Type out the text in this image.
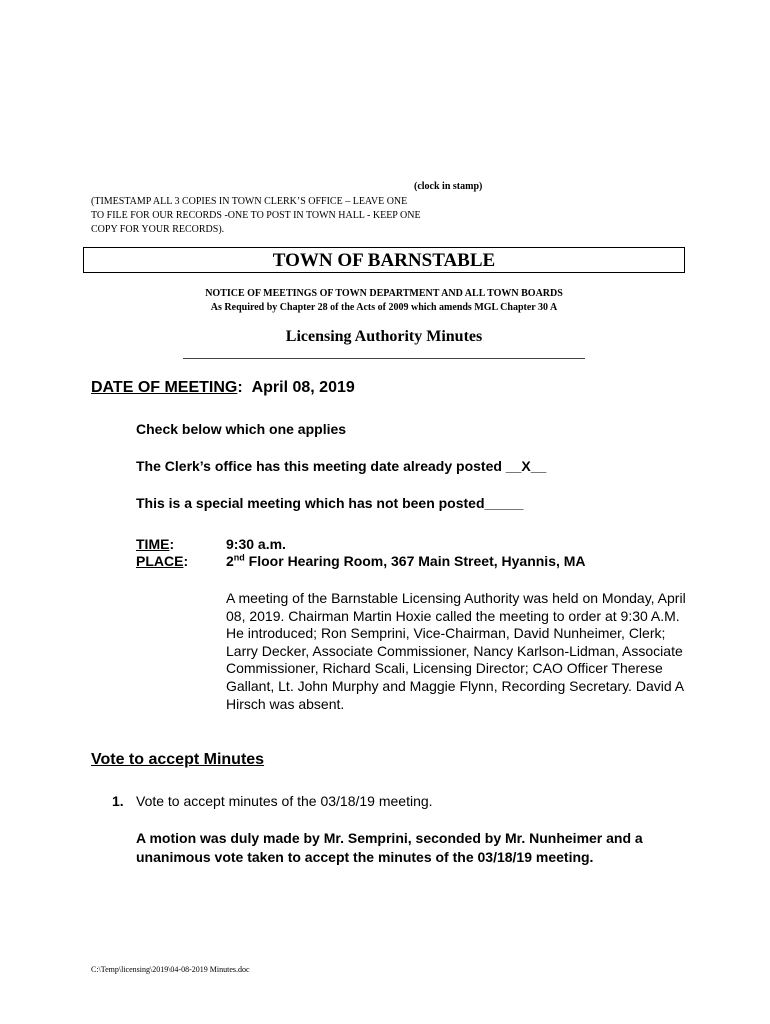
(clock in stamp)
(TIMESTAMP ALL 3 COPIES IN TOWN CLERK’S OFFICE – LEAVE ONE TO FILE FOR OUR RECORDS -ONE TO POST IN TOWN HALL - KEEP ONE COPY FOR YOUR RECORDS).
TOWN OF BARNSTABLE
NOTICE OF MEETINGS OF TOWN DEPARTMENT AND ALL TOWN BOARDS
As Required by Chapter 28 of the Acts of 2009 which amends MGL Chapter 30 A
Licensing Authority Minutes
DATE OF MEETING: April 08, 2019
Check below which one applies
The Clerk’s office has this meeting date already posted __X__
This is a special meeting which has not been posted_____
TIME:
PLACE:
9:30 a.m.
2nd Floor Hearing Room, 367 Main Street, Hyannis, MA
A meeting of the Barnstable Licensing Authority was held on Monday, April 08, 2019. Chairman Martin Hoxie called the meeting to order at 9:30 A.M. He introduced; Ron Semprini, Vice-Chairman, David Nunheimer, Clerk; Larry Decker, Associate Commissioner, Nancy Karlson-Lidman, Associate Commissioner, Richard Scali, Licensing Director; CAO Officer Therese Gallant, Lt. John Murphy and Maggie Flynn, Recording Secretary. David A Hirsch was absent.
Vote to accept Minutes
1. Vote to accept minutes of the 03/18/19 meeting.
A motion was duly made by Mr. Semprini, seconded by Mr. Nunheimer and a unanimous vote taken to accept the minutes of the 03/18/19 meeting.
C:\Temp\licensing\2019\04-08-2019 Minutes.doc
